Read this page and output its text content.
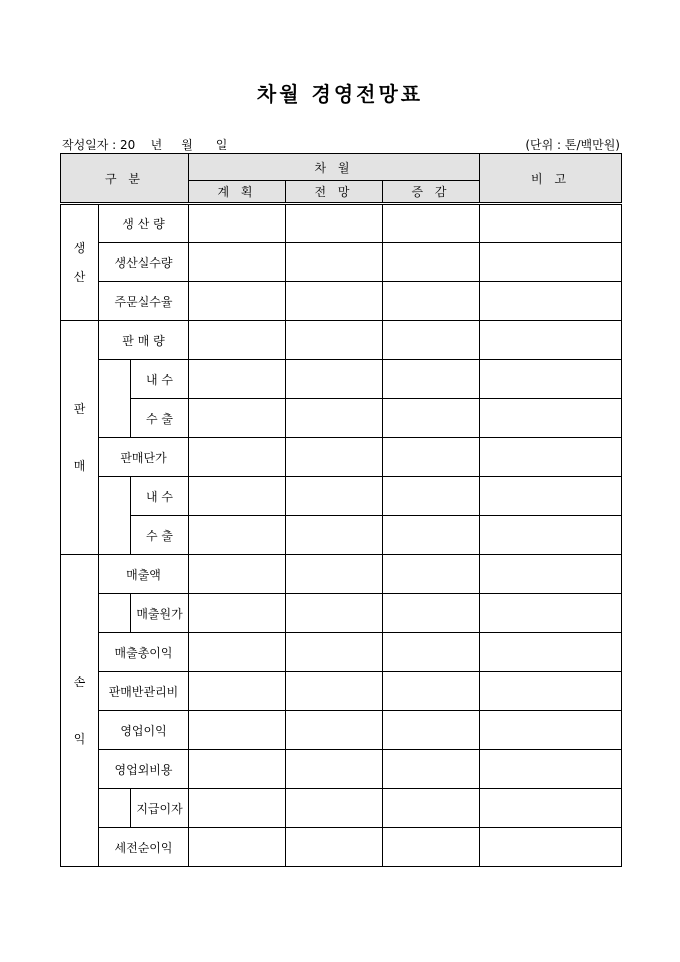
차월 경영전망표
작성일자 : 20    년     월      일	(단위 : 톤/백만원)
구 분			차 월			비 고
			계 획	전 망	증 감	

생

산	생 산 량					
	생산실수량					
	주문실수율					

판

매	판 매 량					
		내 수				
		수 출				
	판매단가					
		내 수				
		수 출				

손

익	매출액					
		매출원가				
	매출총이익					
	판매반관리비					
	영업이익					
	영업외비용					
		지급이자				
	세전순이익					
